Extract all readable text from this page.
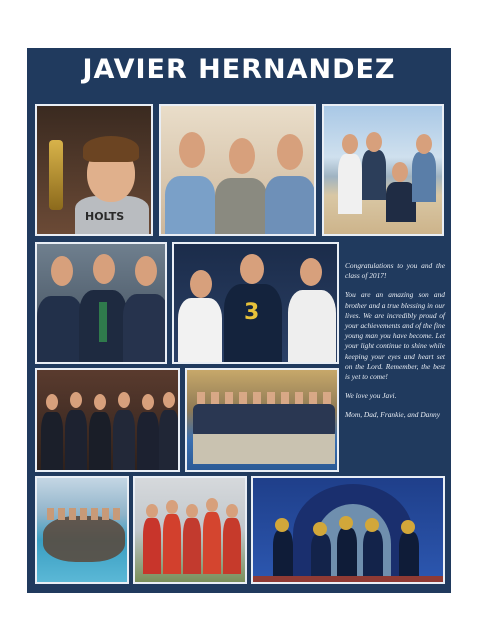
JAVIER HERNANDEZ
HOLTS
3

Congratulations to you and the class of 2017!

You are an amazing son and brother and a true blessing in our lives. We are incredibly proud of your achievements and of the fine young man you have become. Let your light continue to shine while keeping your eyes and heart set on the Lord. Remember, the best is yet to come!

We love you Javi.

Mom, Dad, Frankie, and Danny
